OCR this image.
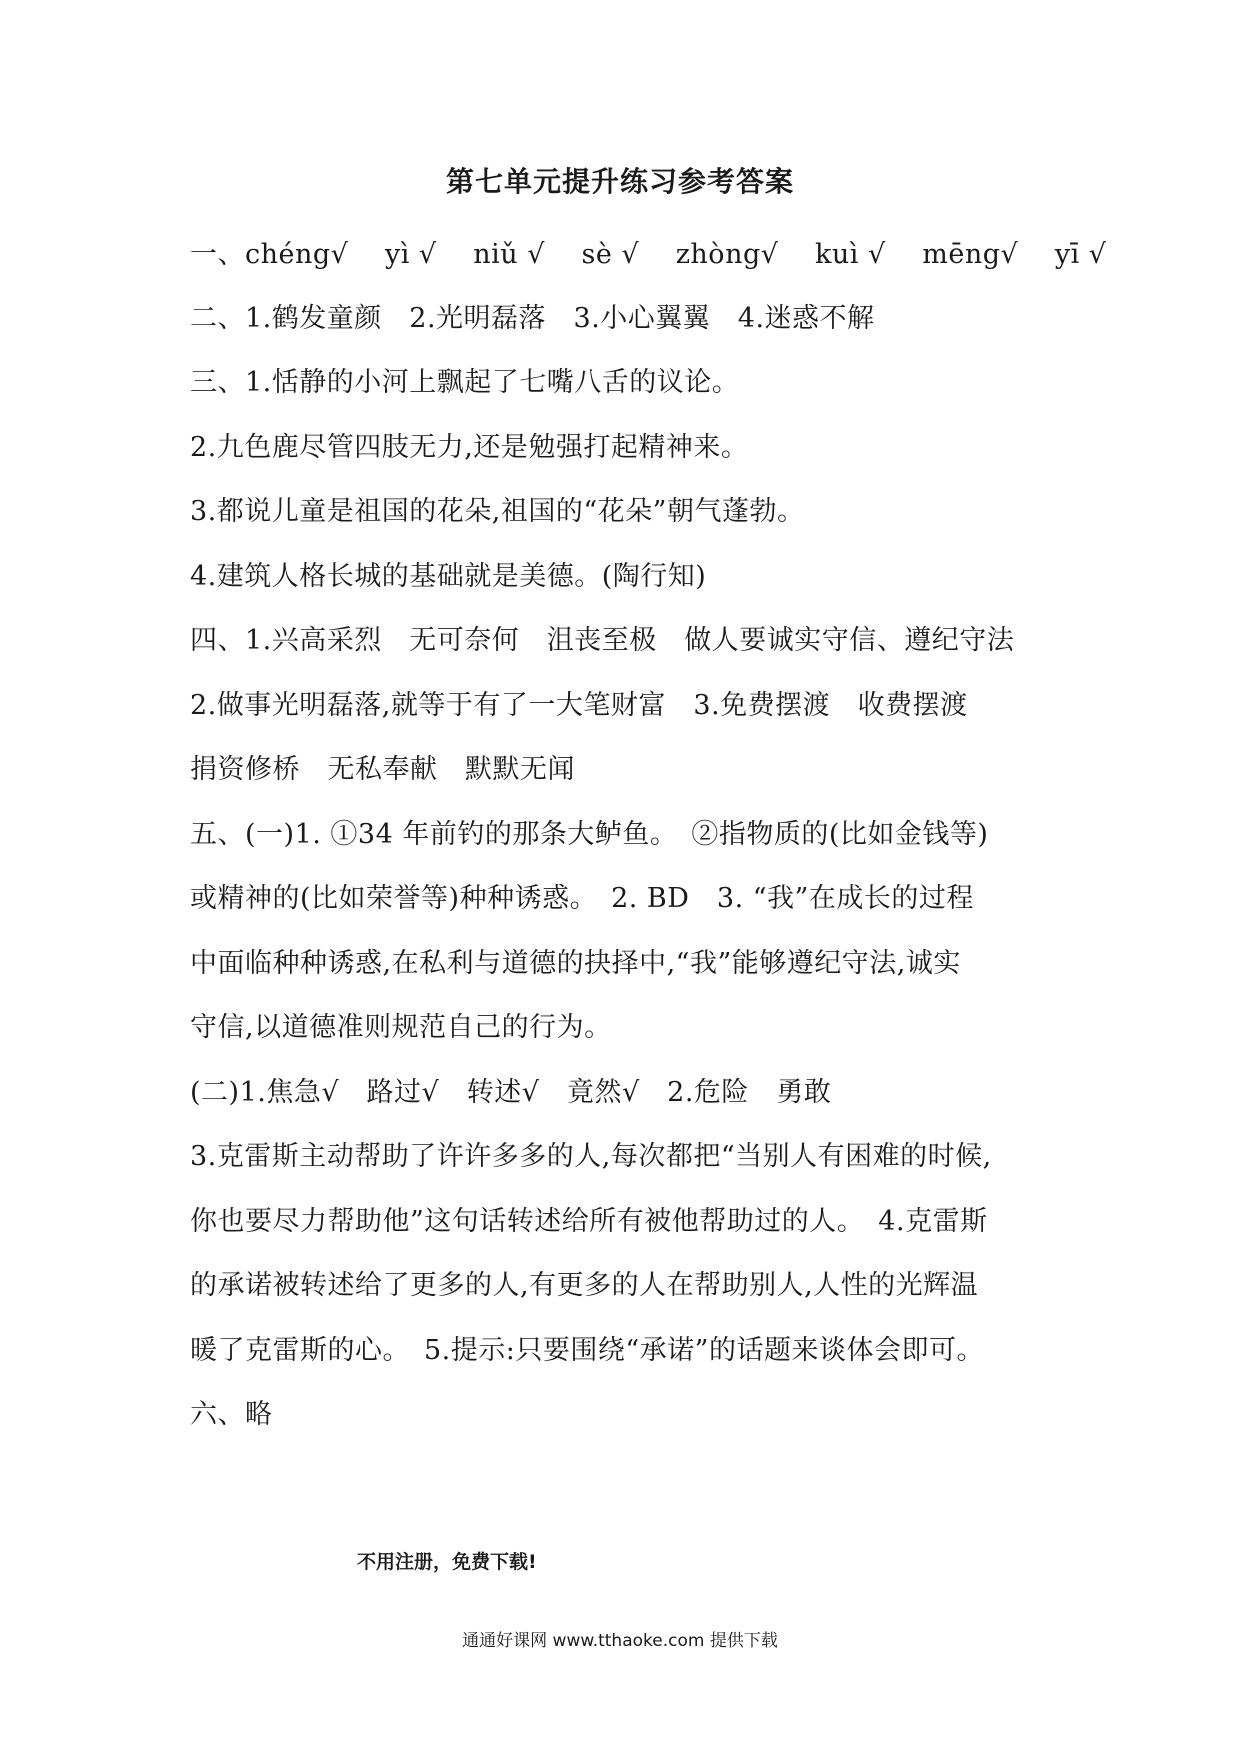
第七单元提升练习参考答案
一、chéng√　 yì √　 niǔ √　 sè √　 zhòng√　 kuì √　 mēng√　 yī √
二、1.鹤发童颜　2.光明磊落　3.小心翼翼　4.迷惑不解
三、1.恬静的小河上飘起了七嘴八舌的议论。
2.九色鹿尽管四肢无力,还是勉强打起精神来。
3.都说儿童是祖国的花朵,祖国的“花朵”朝气蓬勃。
4.建筑人格长城的基础就是美德。(陶行知)
四、1.兴高采烈　无可奈何　沮丧至极　做人要诚实守信、遵纪守法
2.做事光明磊落,就等于有了一大笔财富　3.免费摆渡　收费摆渡
捐资修桥　无私奉献　默默无闻
五、(一)1. ①34 年前钓的那条大鲈鱼。　②指物质的(比如金钱等)
或精神的(比如荣誉等)种种诱惑。　2. BD　3. “我”在成长的过程
中面临种种诱惑,在私利与道德的抉择中,“我”能够遵纪守法,诚实
守信,以道德准则规范自己的行为。
(二)1.焦急√　路过√　转述√　竟然√　2.危险　勇敢
3.克雷斯主动帮助了许许多多的人,每次都把“当别人有困难的时候,
你也要尽力帮助他”这句话转述给所有被他帮助过的人。　4.克雷斯
的承诺被转述给了更多的人,有更多的人在帮助别人,人性的光辉温
暖了克雷斯的心。　5.提示:只要围绕“承诺”的话题来谈体会即可。
六、略
不用注册，免费下载!
通通好课网 www.tthaoke.com 提供下载
